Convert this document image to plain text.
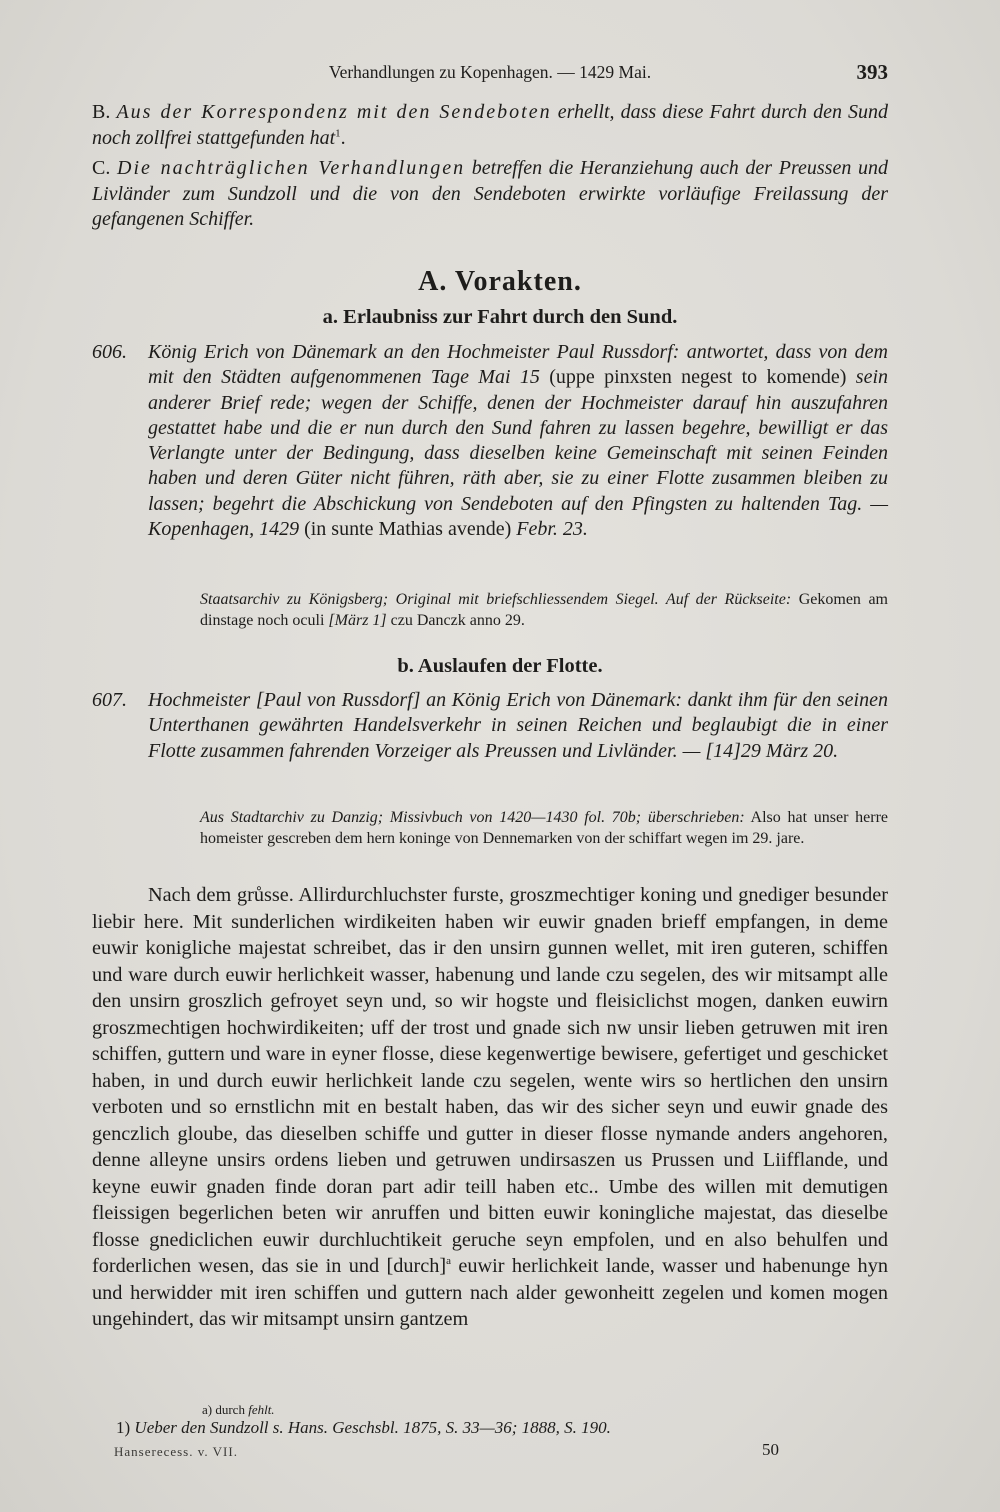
Verhandlungen zu Kopenhagen. — 1429 Mai.	393
B. Aus der Korrespondenz mit den Sendeboten erhellt, dass diese Fahrt durch den Sund noch zollfrei stattgefunden hat$^1$.
C. Die nachträglichen Verhandlungen betreffen die Heranziehung auch der Preussen und Livländer zum Sundzoll und die von den Sendeboten erwirkte vorläufige Freilassung der gefangenen Schiffer.
A. Vorakten.
a. Erlaubniss zur Fahrt durch den Sund.
606. König Erich von Dänemark an den Hochmeister Paul Russdorf: antwortet, dass von dem mit den Städten aufgenommenen Tage Mai 15 (uppe pinxsten negest to komende) sein anderer Brief rede; wegen der Schiffe, denen der Hochmeister darauf hin auszufahren gestattet habe und die er nun durch den Sund fahren zu lassen begehre, bewilligt er das Verlangte unter der Bedingung, dass dieselben keine Gemeinschaft mit seinen Feinden haben und deren Güter nicht führen, räth aber, sie zu einer Flotte zusammen bleiben zu lassen; begehrt die Abschickung von Sendeboten auf den Pfingsten zu haltenden Tag. — Kopenhagen, 1429 (in sunte Mathias avende) Febr. 23.
Staatsarchiv zu Königsberg; Original mit briefschliessendem Siegel. Auf der Rückseite: Gekomen am dinstage noch oculi [März 1] czu Danczk anno 29.
b. Auslaufen der Flotte.
607. Hochmeister [Paul von Russdorf] an König Erich von Dänemark: dankt ihm für den seinen Unterthanen gewährten Handelsverkehr in seinen Reichen und beglaubigt die in einer Flotte zusammen fahrenden Vorzeiger als Preussen und Livländer. — [14]29 März 20.
Aus Stadtarchiv zu Danzig; Missivbuch von 1420—1430 fol. 70b; überschrieben: Also hat unser herre homeister gescreben dem hern koninge von Dennemarken von der schiffart wegen im 29. jare.

Nach dem grůsse. Allirdurchluchster furste, groszmechtiger koning und gnediger besunder liebir here. Mit sunderlichen wirdikeiten haben wir euwir gnaden brieff empfangen, in deme euwir konigliche majestat schreibet, das ir den unsirn gunnen wellet, mit iren guteren, schiffen und ware durch euwir herlichkeit wasser, habenung und lande czu segelen, des wir mitsampt alle den unsirn groszlich gefroyet seyn und, so wir hogste und fleisiclichst mogen, danken euwirn groszmechtigen hochwirdikeiten; uff der trost und gnade sich nw unsir lieben getruwen mit iren schiffen, guttern und ware in eyner flosse, diese kegenwertige bewisere, gefertiget und geschicket haben, in und durch euwir herlichkeit lande czu segelen, wente wirs so hertlichen den unsirn verboten und so ernstlichn mit en bestalt haben, das wir des sicher seyn und euwir gnade des genczlich gloube, das dieselben schiffe und gutter in dieser flosse nymande anders angehoren, denne alleyne unsirs ordens lieben und getruwen undirsaszen us Prussen und Liifflande, und keyne euwir gnaden finde doran part adir teill haben etc.. Umbe des willen mit demutigen fleissigen begerlichen beten wir anruffen und bitten euwir koningliche majestat, das dieselbe flosse gnediclichen euwir durchluchtikeit geruche seyn empfolen, und en also behulfen und forderlichen wesen, das sie in und [durch]$^a$ euwir herlichkeit lande, wasser und habenunge hyn und herwidder mit iren schiffen und guttern nach alder gewonheitt zegelen und komen mogen ungehindert, das wir mitsampt unsirn gantzem

a) durch fehlt.
1) Ueber den Sundzoll s. Hans. Geschsbl. 1875, S. 33—36; 1888, S. 190.
Hanserecess. v. VII.	50
